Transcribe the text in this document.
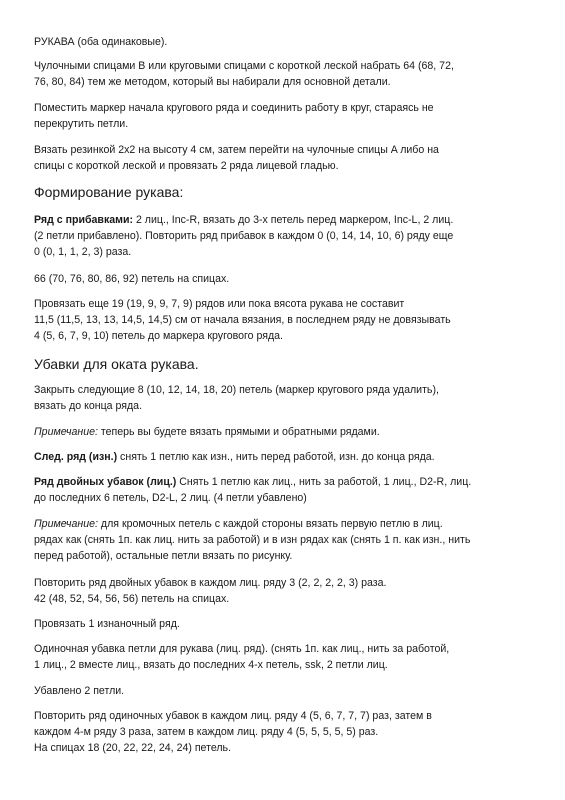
РУКАВА (оба одинаковые).

Чулочными спицами B или круговыми спицами с короткой леской набрать 64 (68, 72,
76, 80, 84) тем же методом, который вы набирали для основной детали.

Поместить маркер начала кругового ряда и соединить работу в круг, стараясь не
перекрутить петли.

Вязать резинкой 2х2 на высоту 4 см, затем перейти на чулочные спицы A либо на
спицы с короткой леской и провязать 2 ряда лицевой гладью.

Формирование рукава:

Ряд с прибавками: 2 лиц., Inc-R, вязать до 3-х петель перед маркером, Inc-L, 2 лиц.
(2 петли прибавлено). Повторить ряд прибавок в каждом 0 (0, 14, 14, 10, 6) ряду еще
0 (0, 1, 1, 2, 3) раза.

66 (70, 76, 80, 86, 92) петель на спицах.

Провязать еще 19 (19, 9, 9, 7, 9) рядов или пока вясота рукава не составит
11,5 (11,5, 13, 13, 14,5, 14,5) см от начала вязания, в последнем ряду не довязывать
4 (5, 6, 7, 9, 10) петель до маркера кругового ряда.

Убавки для оката рукава.

Закрыть следующие 8 (10, 12, 14, 18, 20) петель (маркер кругового ряда удалить),
вязать до конца ряда.

Примечание: теперь вы будете вязать прямыми и обратными рядами.

След. ряд (изн.) снять 1 петлю как изн., нить перед работой, изн. до конца ряда.

Ряд двойных убавок (лиц.) Снять 1 петлю как лиц., нить за работой, 1 лиц., D2-R, лиц.
до последних 6 петель, D2-L, 2 лиц. (4 петли убавлено)

Примечание: для кромочных петель с каждой стороны вязать первую петлю в лиц.
рядах как (снять 1п. как лиц. нить за работой) и в изн рядах как (снять 1 п. как изн., нить
перед работой), остальные петли вязать по рисунку.

Повторить ряд двойных убавок в каждом лиц. ряду 3 (2, 2, 2, 2, 3) раза.
42 (48, 52, 54, 56, 56) петель на спицах.

Провязать 1 изнаночный ряд.

Одиночная убавка петли для рукава (лиц. ряд). (снять 1п. как лиц., нить за работой,
1 лиц., 2 вместе лиц., вязать до последних 4-х петель, ssk, 2 петли лиц.

Убавлено 2 петли.

Повторить ряд одиночных убавок в каждом лиц. ряду 4 (5, 6, 7, 7, 7) раз, затем в
каждом 4-м ряду 3 раза, затем в каждом лиц. ряду 4 (5, 5, 5, 5, 5) раз.
На спицах 18 (20, 22, 22, 24, 24) петель.
